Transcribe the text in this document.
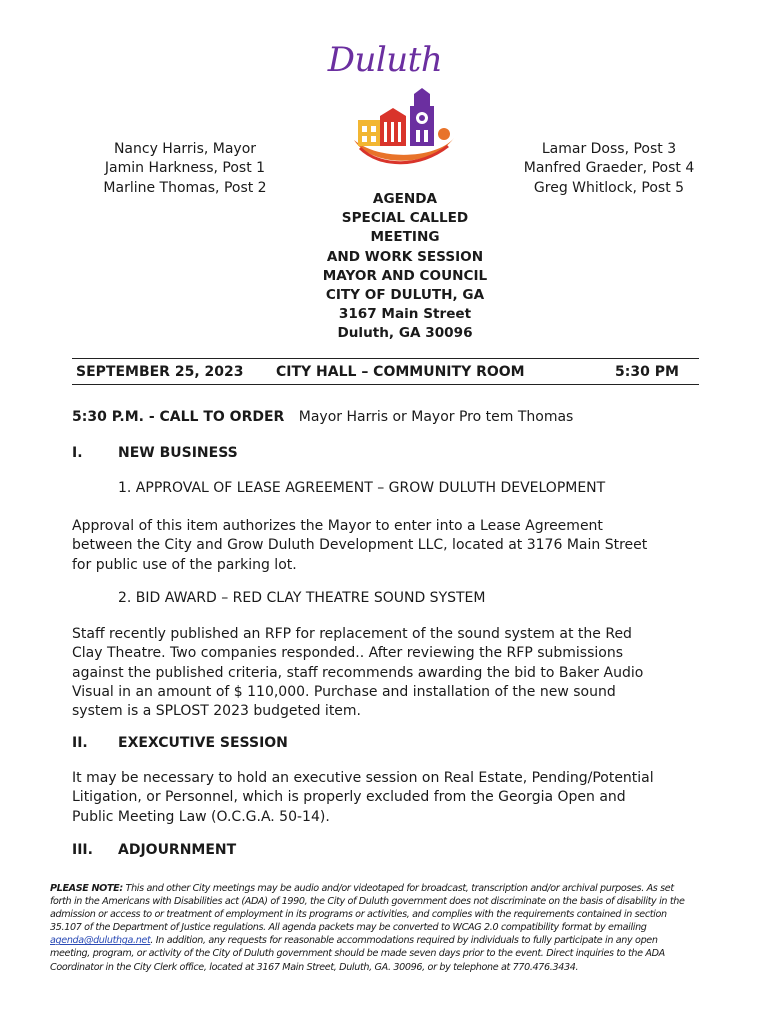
Duluth
Nancy Harris, Mayor
Jamin Harkness, Post 1
Marline Thomas, Post 2
Lamar Doss, Post 3
Manfred Graeder, Post 4
Greg Whitlock, Post 5
AGENDA
SPECIAL CALLED
MEETING
AND WORK SESSION
MAYOR AND COUNCIL
CITY OF DULUTH, GA
3167 Main Street
Duluth, GA 30096
SEPTEMBER 25, 2023 CITY HALL – COMMUNITY ROOM	5:30 PM
5:30 P.M. - CALL TO ORDER Mayor Harris or Mayor Pro tem Thomas
I.	NEW BUSINESS
1. APPROVAL OF LEASE AGREEMENT – GROW DULUTH DEVELOPMENT
Approval of this item authorizes the Mayor to enter into a Lease Agreement
between the City and Grow Duluth Development LLC, located at 3176 Main Street
for public use of the parking lot.
2. BID AWARD – RED CLAY THEATRE SOUND SYSTEM
Staff recently published an RFP for replacement of the sound system at the Red
Clay Theatre. Two companies responded.. After reviewing the RFP submissions
against the published criteria, staff recommends awarding the bid to Baker Audio
Visual in an amount of $ 110,000. Purchase and installation of the new sound
system is a SPLOST 2023 budgeted item.
II. EXEXCUTIVE SESSION
It may be necessary to hold an executive session on Real Estate, Pending/Potential
Litigation, or Personnel, which is properly excluded from the Georgia Open and
Public Meeting Law (O.C.G.A. 50-14).
III. ADJOURNMENT
PLEASE NOTE: This and other City meetings may be audio and/or videotaped for broadcast, transcription and/or archival purposes. As set
forth in the Americans with Disabilities act (ADA) of 1990, the City of Duluth government does not discriminate on the basis of disability in the
admission or access to or treatment of employment in its programs or activities, and complies with the requirements contained in section
35.107 of the Department of Justice regulations. All agenda packets may be converted to WCAG 2.0 compatibility format by emailing
agenda@duluthga.net. In addition, any requests for reasonable accommodations required by individuals to fully participate in any open
meeting, program, or activity of the City of Duluth government should be made seven days prior to the event. Direct inquiries to the ADA
Coordinator in the City Clerk office, located at 3167 Main Street, Duluth, GA. 30096, or by telephone at 770.476.3434.
